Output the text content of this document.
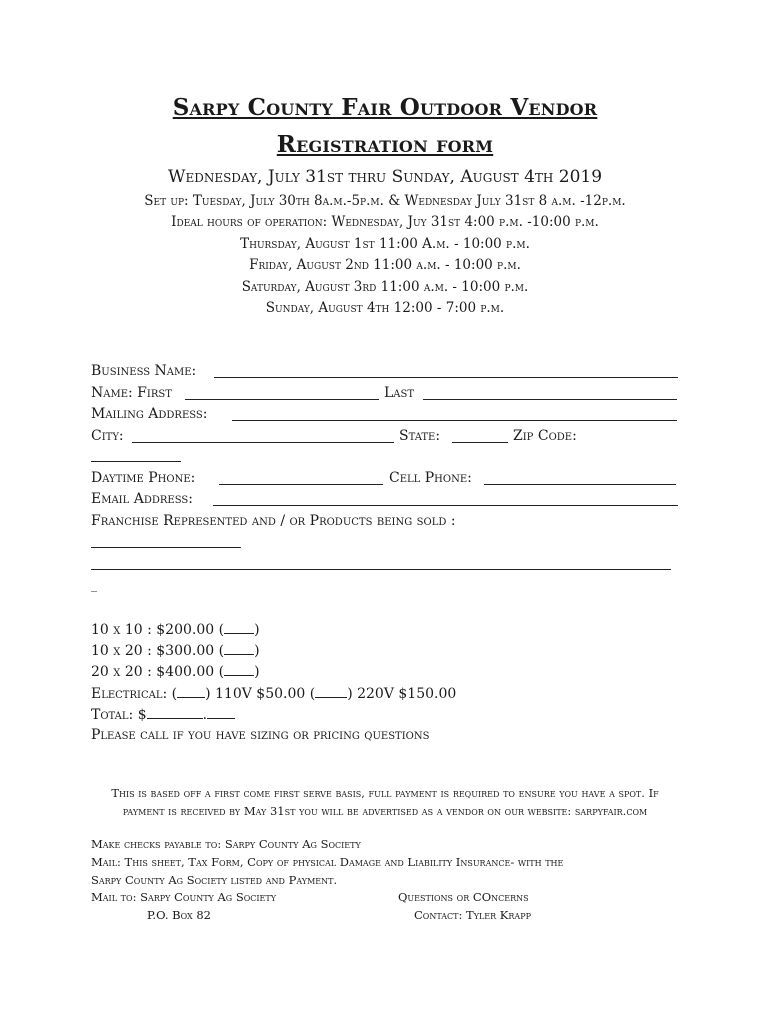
Sarpy County Fair Outdoor Vendor
Registration form
Wednesday, July 31st thru Sunday, August 4th 2019
Set up: Tuesday, July 30th 8a.m.-5p.m. & Wednesday July 31st 8 a.m. -12p.m.
Ideal hours of operation: Wednesday, Juy 31st 4:00 p.m. -10:00 p.m.
Thursday, August 1st 11:00 A.m. - 10:00 p.m.
Friday, August 2nd 11:00 a.m. - 10:00 p.m.
Saturday, August 3rd 11:00 a.m. - 10:00 p.m.
Sunday, August 4th 12:00 - 7:00 p.m.
Business Name:
Name: First	Last
Mailing Address:
City:	State:	Zip Code:
Daytime Phone:	Cell Phone:
Email Address:
Franchise Represented and / or Products being sold :
_
10 x 10 : $200.00 ( )
10 x 20 : $300.00 ( )
20 x 20 : $400.00 ( )
Electrical: ( ) 110V $50.00 ( ) 220V $150.00
Total: $	.
Please call if you have sizing or pricing questions
This is based off a first come first serve basis, full payment is required to ensure you have a spot. If payment is received by May 31st you will be advertised as a vendor on our website: sarpyfair.com
Make checks payable to: Sarpy County Ag Society
Mail: This sheet, Tax Form, Copy of physical Damage and Liability Insurance- with the
Sarpy County Ag Society listed and Payment.
Mail to: Sarpy County Ag Society
P.O. Box 82
Questions or COncerns
Contact: Tyler Krapp
